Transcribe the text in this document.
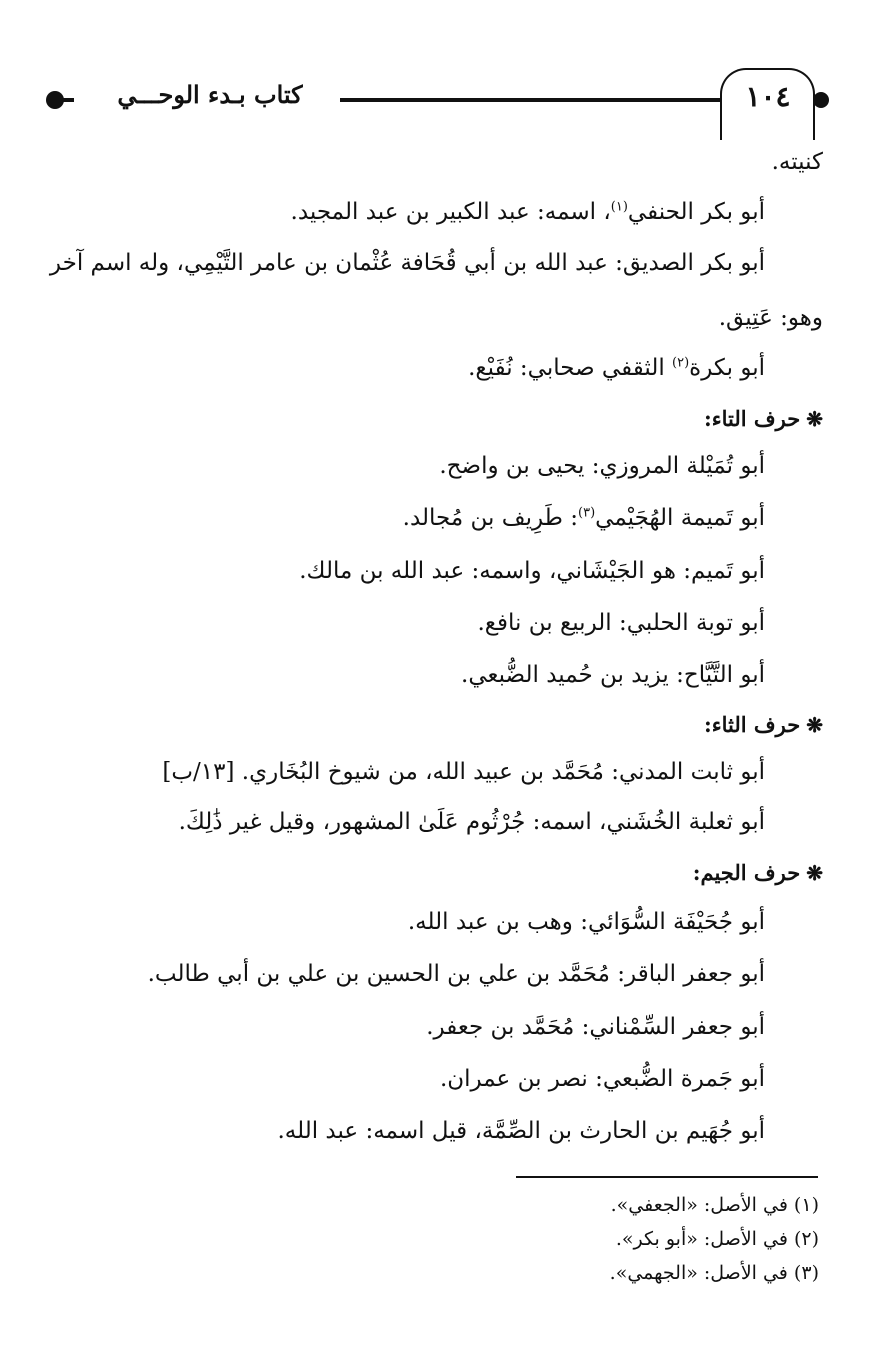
١٠٤
كتاب بـدء الوحـــي
كنيته.
أبو بكر الحنفي$^{(١)}$، اسمه: عبد الكبير بن عبد المجيد.
أبو بكر الصديق: عبد الله بن أبي قُحَافة عُثْمان بن عامر التَّيْمِي، وله اسم آخر
وهو: عَتِيق.
أبو بكرة$^{(٢)}$ الثقفي صحابي: نُفَيْع.
❋حرف التاء:
أبو تُمَيْلة المروزي: يحيى بن واضح.
أبو تَميمة الهُجَيْمي$^{(٣)}$: طَرِيف بن مُجالد.
أبو تَميم: هو الجَيْشَاني، واسمه: عبد الله بن مالك.
أبو توبة الحلبي: الربيع بن نافع.
أبو التَّيَّاح: يزيد بن حُميد الضُّبعي.
❋حرف الثاء:
أبو ثابت المدني: مُحَمَّد بن عبيد الله، من شيوخ البُخَاري. [١٣/ب]
أبو ثعلبة الخُشَني، اسمه: جُرْثُوم عَلَىٰ المشهور، وقيل غير ذَٰلِكَ.
❋حرف الجيم:
أبو جُحَيْفَة السُّوَائي: وهب بن عبد الله.
أبو جعفر الباقر: مُحَمَّد بن علي بن الحسين بن علي بن أبي طالب.
أبو جعفر السِّمْناني: مُحَمَّد بن جعفر.
أبو جَمرة الضُّبعي: نصر بن عمران.
أبو جُهَيم بن الحارث بن الصِّمَّة، قيل اسمه: عبد الله.
(١) في الأصل: «الجعفي».
(٢) في الأصل: «أبو بكر».
(٣) في الأصل: «الجهمي».
